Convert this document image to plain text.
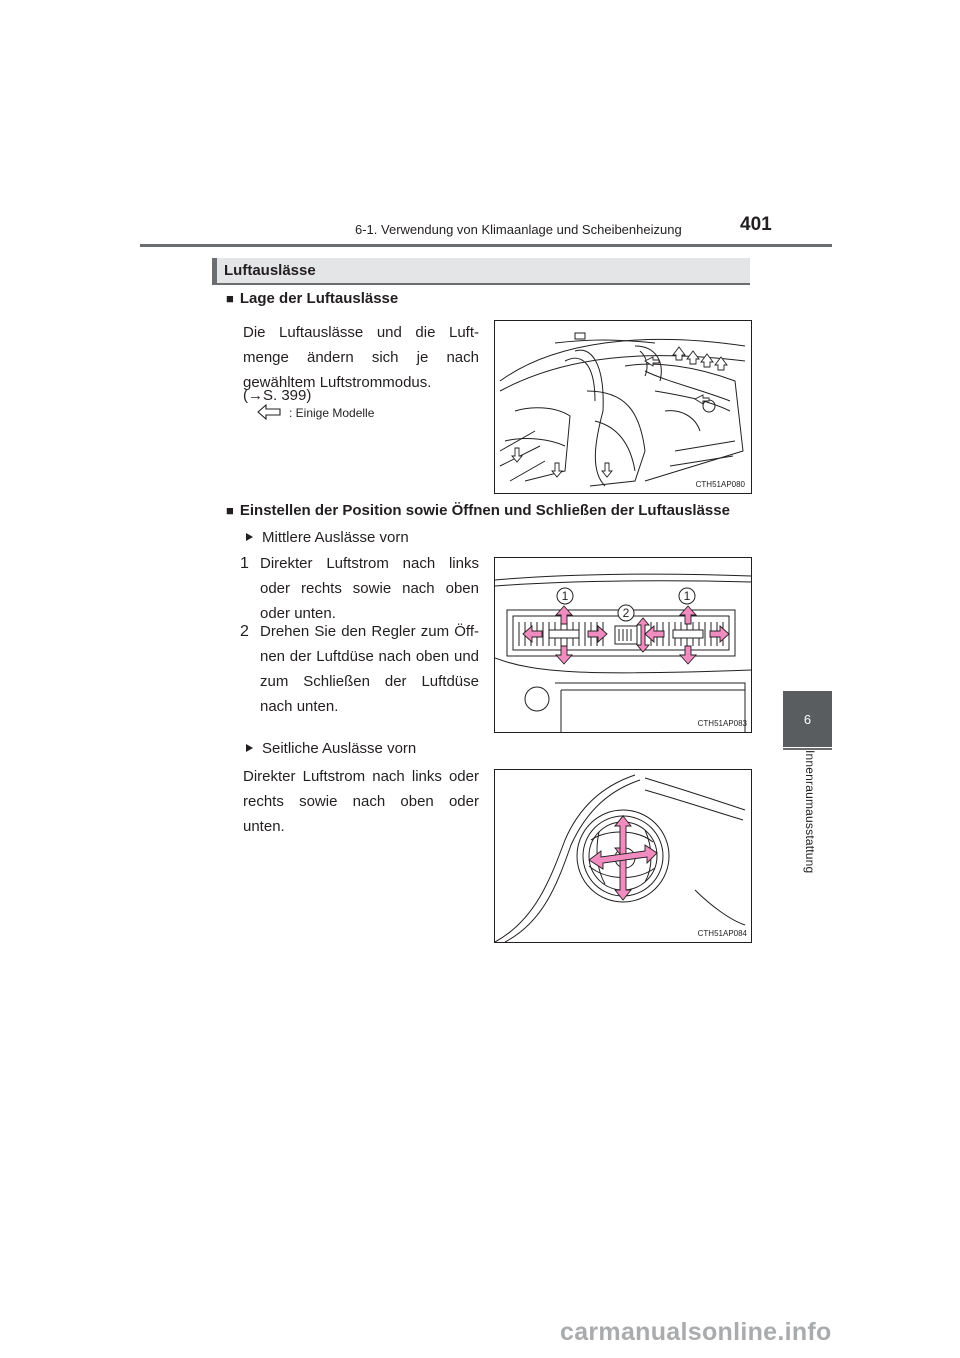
6-1. Verwendung von Klimaanlage und Scheibenheizung	401
6
Innenraumausstattung
Luftauslässe
■ Lage der Luftauslässe
Die Luftauslässe und die Luft-menge ändern sich je nach gewähltem Luftstrommodus.
(→S. 399)
: Einige Modelle
CTH51AP080
■ Einstellen der Position sowie Öffnen und Schließen der Luftauslässe
Mittlere Auslässe vorn
1 Direkter Luftstrom nach links oder rechts sowie nach oben oder unten.
2 Drehen Sie den Regler zum Öff-nen der Luftdüse nach oben und zum Schließen der Luftdüse nach unten.
1
2
1
CTH51AP083
Seitliche Auslässe vorn
Direkter Luftstrom nach links oder rechts sowie nach oben oder unten.
CTH51AP084
carmanualsonline.info
